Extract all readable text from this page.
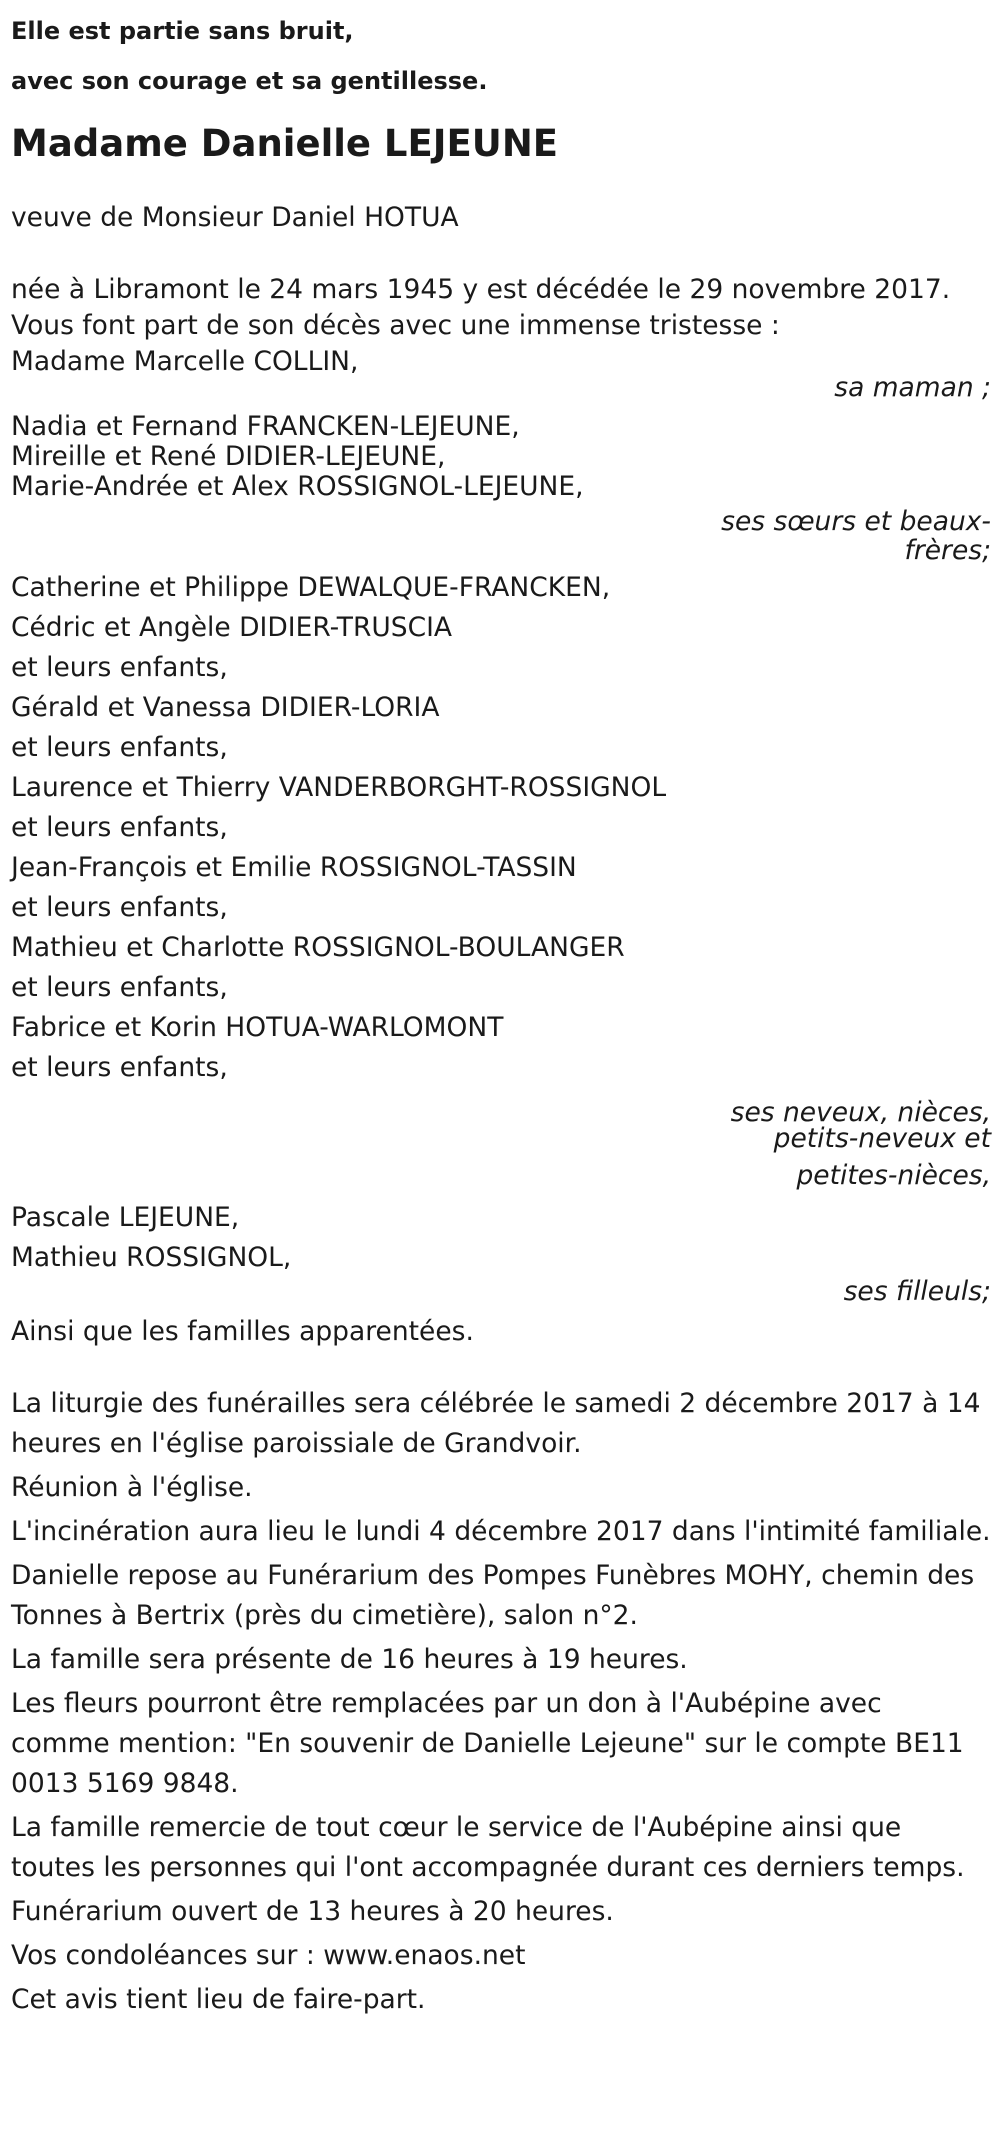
Elle est partie sans bruit,
avec son courage et sa gentillesse.
Madame Danielle LEJEUNE
veuve de Monsieur Daniel HOTUA
née à Libramont le 24 mars 1945 y est décédée le 29 novembre 2017.
Vous font part de son décès avec une immense tristesse :
Madame Marcelle COLLIN,
sa maman ;
Nadia et Fernand FRANCKEN-LEJEUNE,
Mireille et René DIDIER-LEJEUNE,
Marie-Andrée et Alex ROSSIGNOL-LEJEUNE,
ses sœurs et beaux-
frères;
Catherine et Philippe DEWALQUE-FRANCKEN,
Cédric et Angèle DIDIER-TRUSCIA
et leurs enfants,
Gérald et Vanessa DIDIER-LORIA
et leurs enfants,
Laurence et Thierry VANDERBORGHT-ROSSIGNOL
et leurs enfants,
Jean-François et Emilie ROSSIGNOL-TASSIN
et leurs enfants,
Mathieu et Charlotte ROSSIGNOL-BOULANGER
et leurs enfants,
Fabrice et Korin HOTUA-WARLOMONT
et leurs enfants,
ses neveux, nièces,
petits-neveux et
petites-nièces,
Pascale LEJEUNE,
Mathieu ROSSIGNOL,
ses filleuls;
Ainsi que les familles apparentées.
La liturgie des funérailles sera célébrée le samedi 2 décembre 2017 à 14
heures en l'église paroissiale de Grandvoir.
Réunion à l'église.
L'incinération aura lieu le lundi 4 décembre 2017 dans l'intimité familiale.
Danielle repose au Funérarium des Pompes Funèbres MOHY, chemin des
Tonnes à Bertrix (près du cimetière), salon n°2.
La famille sera présente de 16 heures à 19 heures.
Les fleurs pourront être remplacées par un don à l'Aubépine avec
comme mention: "En souvenir de Danielle Lejeune" sur le compte BE11
0013 5169 9848.
La famille remercie de tout cœur le service de l'Aubépine ainsi que
toutes les personnes qui l'ont accompagnée durant ces derniers temps.
Funérarium ouvert de 13 heures à 20 heures.
Vos condoléances sur : www.enaos.net
Cet avis tient lieu de faire-part.
